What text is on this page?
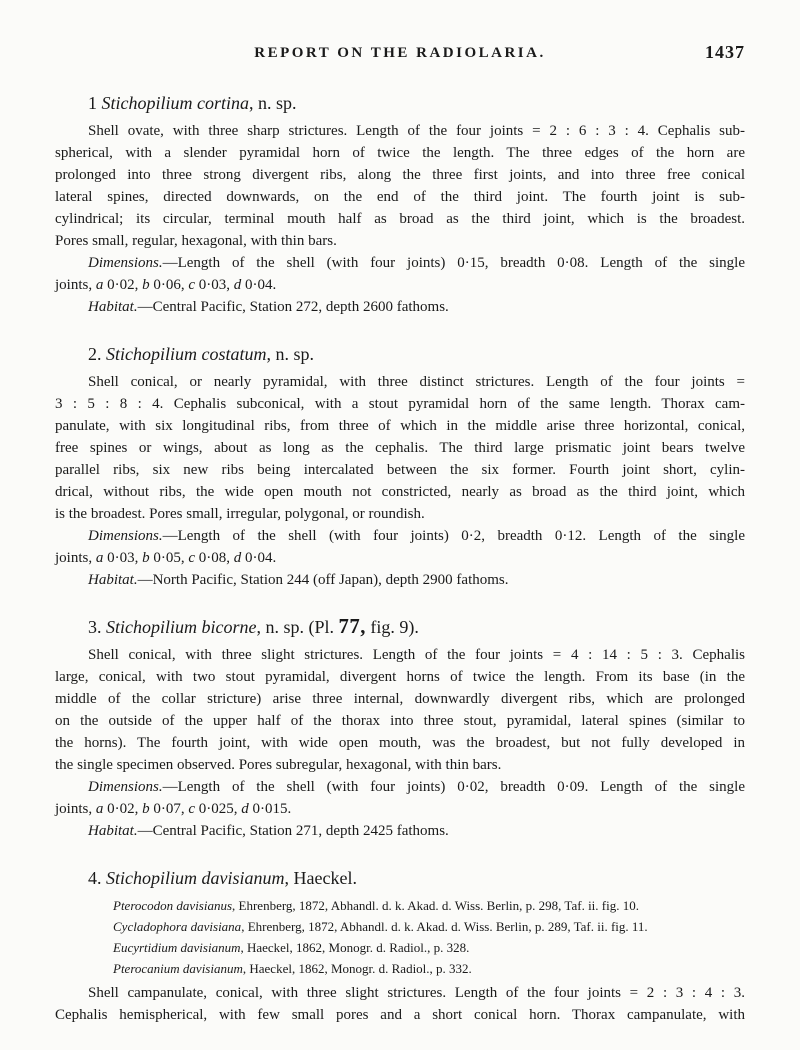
REPORT ON THE RADIOLARIA.	1437
1 Stichopilium cortina, n. sp.
Shell ovate, with three sharp strictures. Length of the four joints = 2 : 6 : 3 : 4. Cephalis sub-
spherical, with a slender pyramidal horn of twice the length. The three edges of the horn are
prolonged into three strong divergent ribs, along the three first joints, and into three free conical
lateral spines, directed downwards, on the end of the third joint. The fourth joint is sub-
cylindrical; its circular, terminal mouth half as broad as the third joint, which is the broadest.
Pores small, regular, hexagonal, with thin bars.
Dimensions.—Length of the shell (with four joints) 0·15, breadth 0·08. Length of the single
joints, a 0·02, b 0·06, c 0·03, d 0·04.
Habitat.—Central Pacific, Station 272, depth 2600 fathoms.
2. Stichopilium costatum, n. sp.
Shell conical, or nearly pyramidal, with three distinct strictures. Length of the four joints =
3 : 5 : 8 : 4. Cephalis subconical, with a stout pyramidal horn of the same length. Thorax cam-
panulate, with six longitudinal ribs, from three of which in the middle arise three horizontal, conical,
free spines or wings, about as long as the cephalis. The third large prismatic joint bears twelve
parallel ribs, six new ribs being intercalated between the six former. Fourth joint short, cylin-
drical, without ribs, the wide open mouth not constricted, nearly as broad as the third joint, which
is the broadest. Pores small, irregular, polygonal, or roundish.
Dimensions.—Length of the shell (with four joints) 0·2, breadth 0·12. Length of the single
joints, a 0·03, b 0·05, c 0·08, d 0·04.
Habitat.—North Pacific, Station 244 (off Japan), depth 2900 fathoms.
3. Stichopilium bicorne, n. sp. (Pl. 77, fig. 9).
Shell conical, with three slight strictures. Length of the four joints = 4 : 14 : 5 : 3. Cephalis
large, conical, with two stout pyramidal, divergent horns of twice the length. From its base (in the
middle of the collar stricture) arise three internal, downwardly divergent ribs, which are prolonged
on the outside of the upper half of the thorax into three stout, pyramidal, lateral spines (similar to
the horns). The fourth joint, with wide open mouth, was the broadest, but not fully developed in
the single specimen observed. Pores subregular, hexagonal, with thin bars.
Dimensions.—Length of the shell (with four joints) 0·02, breadth 0·09. Length of the single
joints, a 0·02, b 0·07, c 0·025, d 0·015.
Habitat.—Central Pacific, Station 271, depth 2425 fathoms.
4. Stichopilium davisianum, Haeckel.
Pterocodon davisianus, Ehrenberg, 1872, Abhandl. d. k. Akad. d. Wiss. Berlin, p. 298, Taf. ii. fig. 10.
Cycladophora davisiana, Ehrenberg, 1872, Abhandl. d. k. Akad. d. Wiss. Berlin, p. 289, Taf. ii. fig. 11.
Eucyrtidium davisianum, Haeckel, 1862, Monogr. d. Radiol., p. 328.
Pterocanium davisianum, Haeckel, 1862, Monogr. d. Radiol., p. 332.
Shell campanulate, conical, with three slight strictures. Length of the four joints = 2 : 3 : 4 : 3.
Cephalis hemispherical, with few small pores and a short conical horn. Thorax campanulate, with
